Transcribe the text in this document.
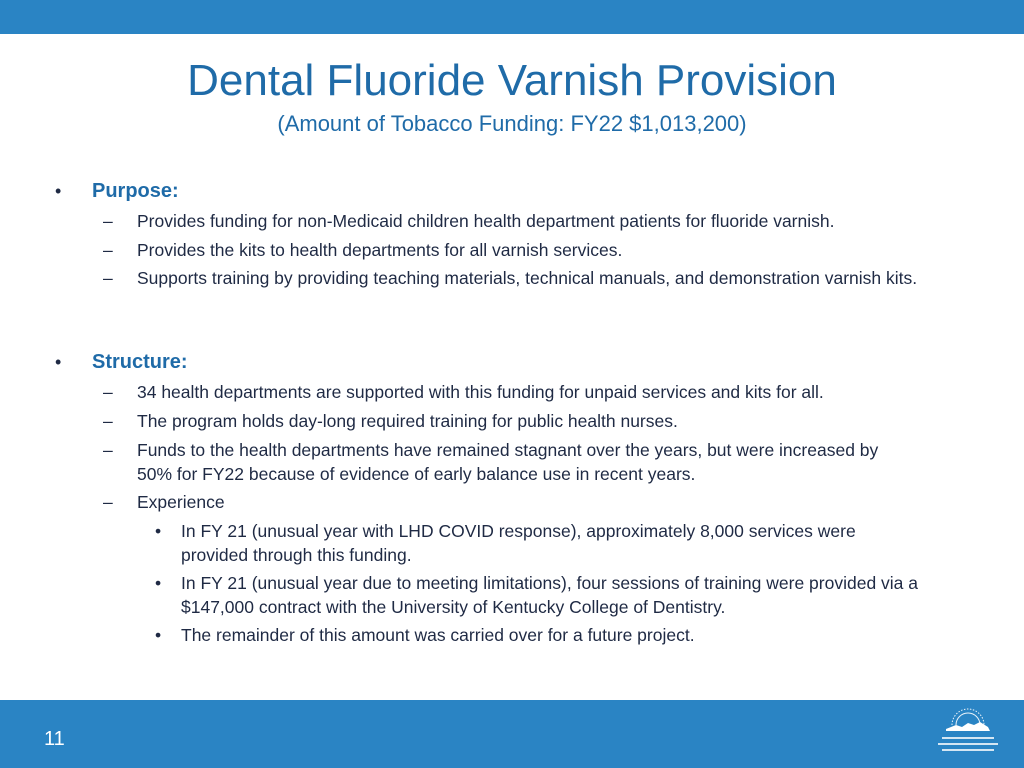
Dental Fluoride Varnish Provision
(Amount of Tobacco Funding: FY22 $1,013,200)
• Purpose:
– Provides funding for non-Medicaid children health department patients for fluoride varnish.
– Provides the kits to health departments for all varnish services.
– Supports training by providing teaching materials, technical manuals, and demonstration varnish kits.
• Structure:
– 34 health departments are supported with this funding for unpaid services and kits for all.
– The program holds day-long required training for public health nurses.
– Funds to the health departments have remained stagnant over the years, but were increased by 50% for FY22 because of evidence of early balance use in recent years.
– Experience
• In FY 21 (unusual year with LHD COVID response), approximately 8,000 services were provided through this funding.
• In FY 21 (unusual year due to meeting limitations), four sessions of training were provided via a $147,000 contract with the University of Kentucky College of Dentistry.
• The remainder of this amount was carried over for a future project.
11
